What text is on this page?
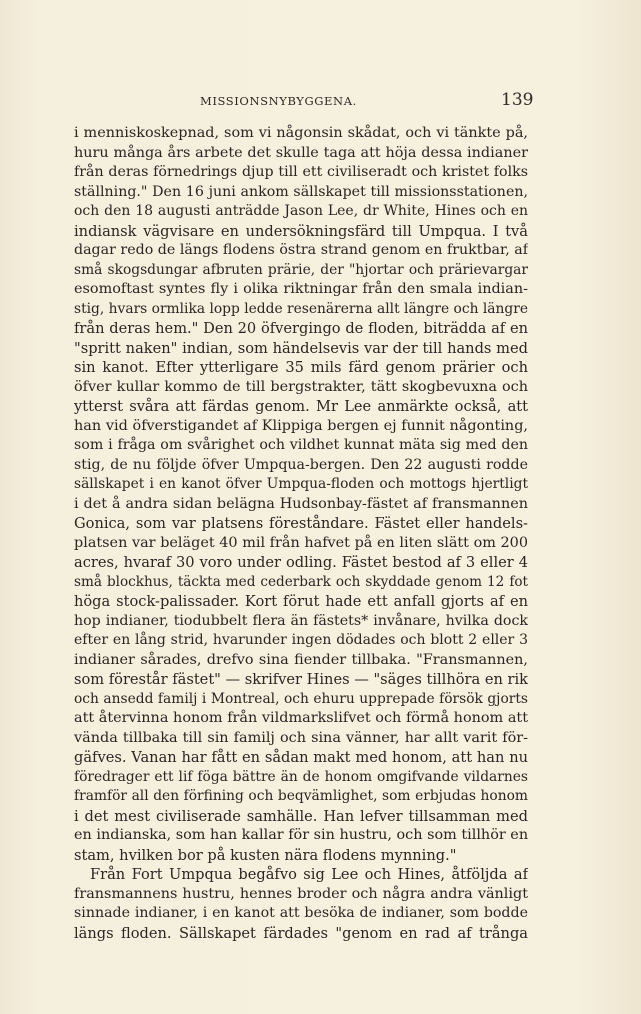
MISSIONSNYBYGGENA.	139
i menniskoskepnad, som vi någonsin skådat, och vi tänkte på,
huru många års arbete det skulle taga att höja dessa indianer
från deras förnedrings djup till ett civiliseradt och kristet folks
ställning." Den 16 juni ankom sällskapet till missionsstationen,
och den 18 augusti anträdde Jason Lee, dr White, Hines och en
indiansk vägvisare en undersökningsfärd till Umpqua. I två
dagar redo de längs flodens östra strand genom en fruktbar, af
små skogsdungar afbruten prärie, der "hjortar och prärievargar
esomoftast syntes fly i olika riktningar från den smala indian-
stig, hvars ormlika lopp ledde resenärerna allt längre och längre
från deras hem." Den 20 öfvergingo de floden, biträdda af en
"spritt naken" indian, som händelsevis var der till hands med
sin kanot. Efter ytterligare 35 mils färd genom prärier och
öfver kullar kommo de till bergstrakter, tätt skogbevuxna och
ytterst svåra att färdas genom. Mr Lee anmärkte också, att
han vid öfverstigandet af Klippiga bergen ej funnit någonting,
som i fråga om svårighet och vildhet kunnat mäta sig med den
stig, de nu följde öfver Umpqua-bergen. Den 22 augusti rodde
sällskapet i en kanot öfver Umpqua-floden och mottogs hjertligt
i det å andra sidan belägna Hudsonbay-fästet af fransmannen
Gonica, som var platsens föreståndare. Fästet eller handels-
platsen var beläget 40 mil från hafvet på en liten slätt om 200
acres, hvaraf 30 voro under odling. Fästet bestod af 3 eller 4
små blockhus, täckta med cederbark och skyddade genom 12 fot
höga stock-palissader. Kort förut hade ett anfall gjorts af en
hop indianer, tiodubbelt flera än fästets* invånare, hvilka dock
efter en lång strid, hvarunder ingen dödades och blott 2 eller 3
indianer sårades, drefvo sina fiender tillbaka. "Fransmannen,
som förestår fästet" — skrifver Hines — "säges tillhöra en rik
och ansedd familj i Montreal, och ehuru upprepade försök gjorts
att återvinna honom från vildmarkslifvet och förmå honom att
vända tillbaka till sin familj och sina vänner, har allt varit för-
gäfves. Vanan har fått en sådan makt med honom, att han nu
föredrager ett lif föga bättre än de honom omgifvande vildarnes
framför all den förfining och beqvämlighet, som erbjudas honom
i det mest civiliserade samhälle. Han lefver tillsamman med
en indianska, som han kallar för sin hustru, och som tillhör en
stam, hvilken bor på kusten nära flodens mynning."
Från Fort Umpqua begåfvo sig Lee och Hines, åtföljda af
fransmannens hustru, hennes broder och några andra vänligt
sinnade indianer, i en kanot att besöka de indianer, som bodde
längs floden. Sällskapet färdades "genom en rad af trånga
